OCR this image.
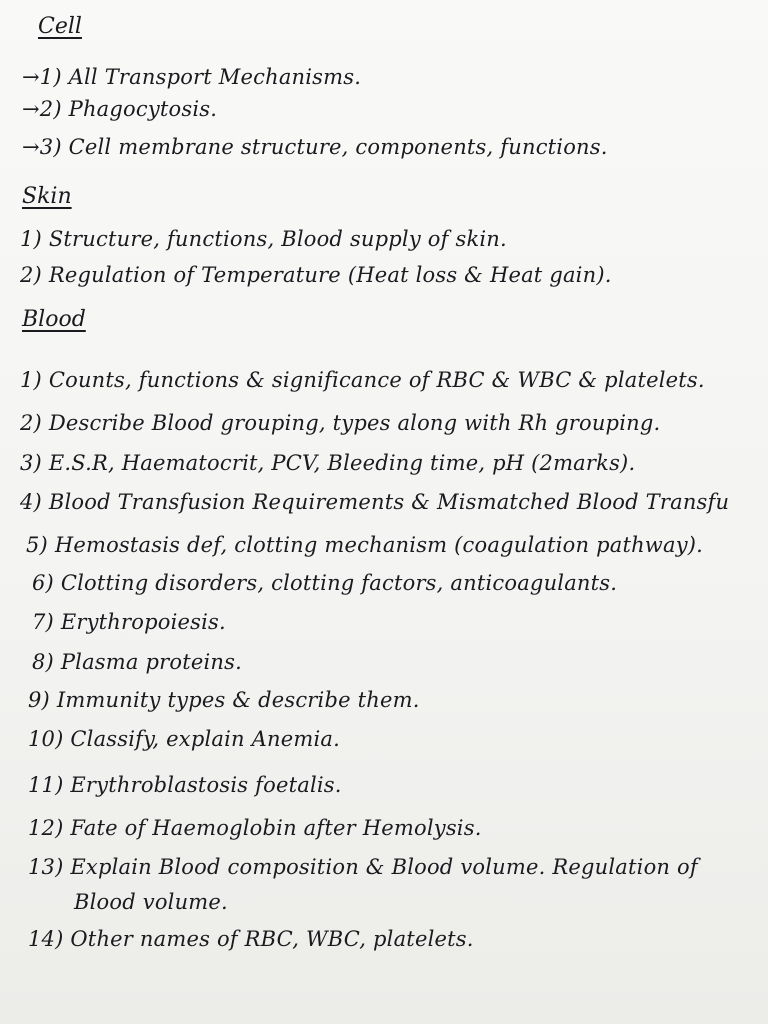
Cell
→1) All Transport Mechanisms.
→2) Phagocytosis.
→3) Cell membrane structure, components, functions.
Skin
1) Structure, functions, Blood supply of skin.
2) Regulation of Temperature (Heat loss & Heat gain).
Blood
1) Counts, functions & significance of RBC & WBC & platelets.
2) Describe Blood grouping, types along with Rh grouping.
3) E.S.R, Haematocrit, PCV, Bleeding time, pH (2marks).
4) Blood Transfusion Requirements & Mismatched Blood Transfu
5) Hemostasis def, clotting mechanism (coagulation pathway).
6) Clotting disorders, clotting factors, anticoagulants.
7) Erythropoiesis.
8) Plasma proteins.
9) Immunity types & describe them.
10) Classify, explain Anemia.
11) Erythroblastosis foetalis.
12) Fate of Haemoglobin after Hemolysis.
13) Explain Blood composition & Blood volume. Regulation of
Blood volume.
14) Other names of RBC, WBC, platelets.
